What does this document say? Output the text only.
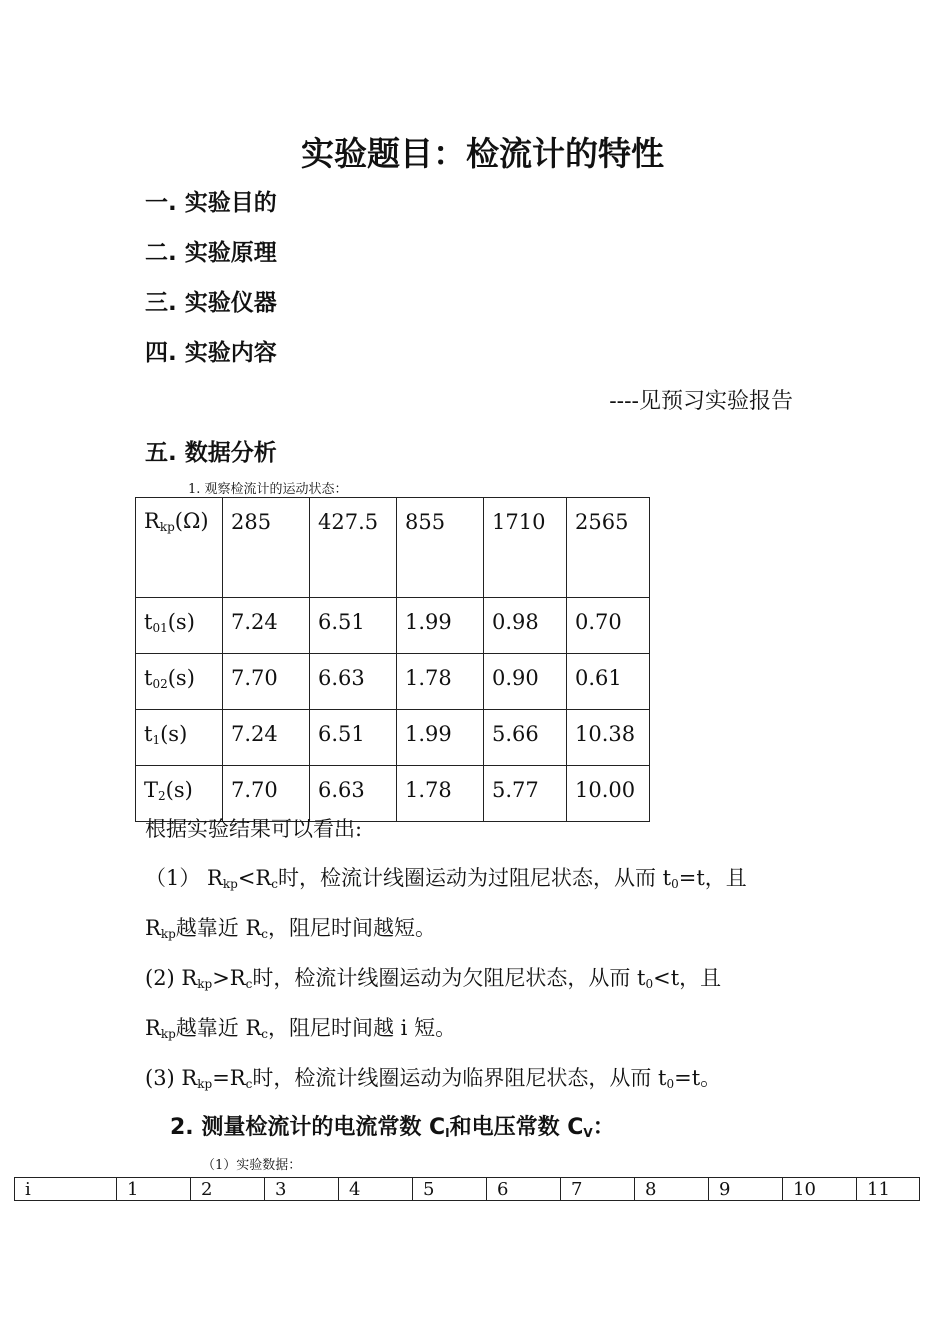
实验题目：检流计的特性
一. 实验目的
二. 实验原理
三. 实验仪器
四. 实验内容
----见预习实验报告
五. 数据分析
1. 观察检流计的运动状态：
$R_{kp}(\Omega)$	285	427.5	855	1710	2565
$t_{01}(s)$	7.24	6.51	1.99	0.98	0.70
$t_{02}(s)$	7.70	6.63	1.78	0.90	0.61
$t_1(s)$	7.24	6.51	1.99	5.66	10.38
$T_2(s)$	7.70	6.63	1.78	5.77	10.00
根据实验结果可以看出:
（1） $R_{kp}<R_c$时，检流计线圈运动为过阻尼状态，从而 $t_0=t$，且
$R_{kp}$越靠近 $R_c$，阻尼时间越短。
(2) $R_{kp}>R_c$时，检流计线圈运动为欠阻尼状态，从而 $t_0<t$，且
$R_{kp}$越靠近 $R_c$，阻尼时间越 i 短。
(3) $R_{kp}=R_c$时，检流计线圈运动为临界阻尼状态，从而 $t_0=t$。
2. 测量检流计的电流常数 $C_I$和电压常数 $C_V$：
（1）实验数据：
i	1	2	3	4	5	6	7	8	9	10	11
